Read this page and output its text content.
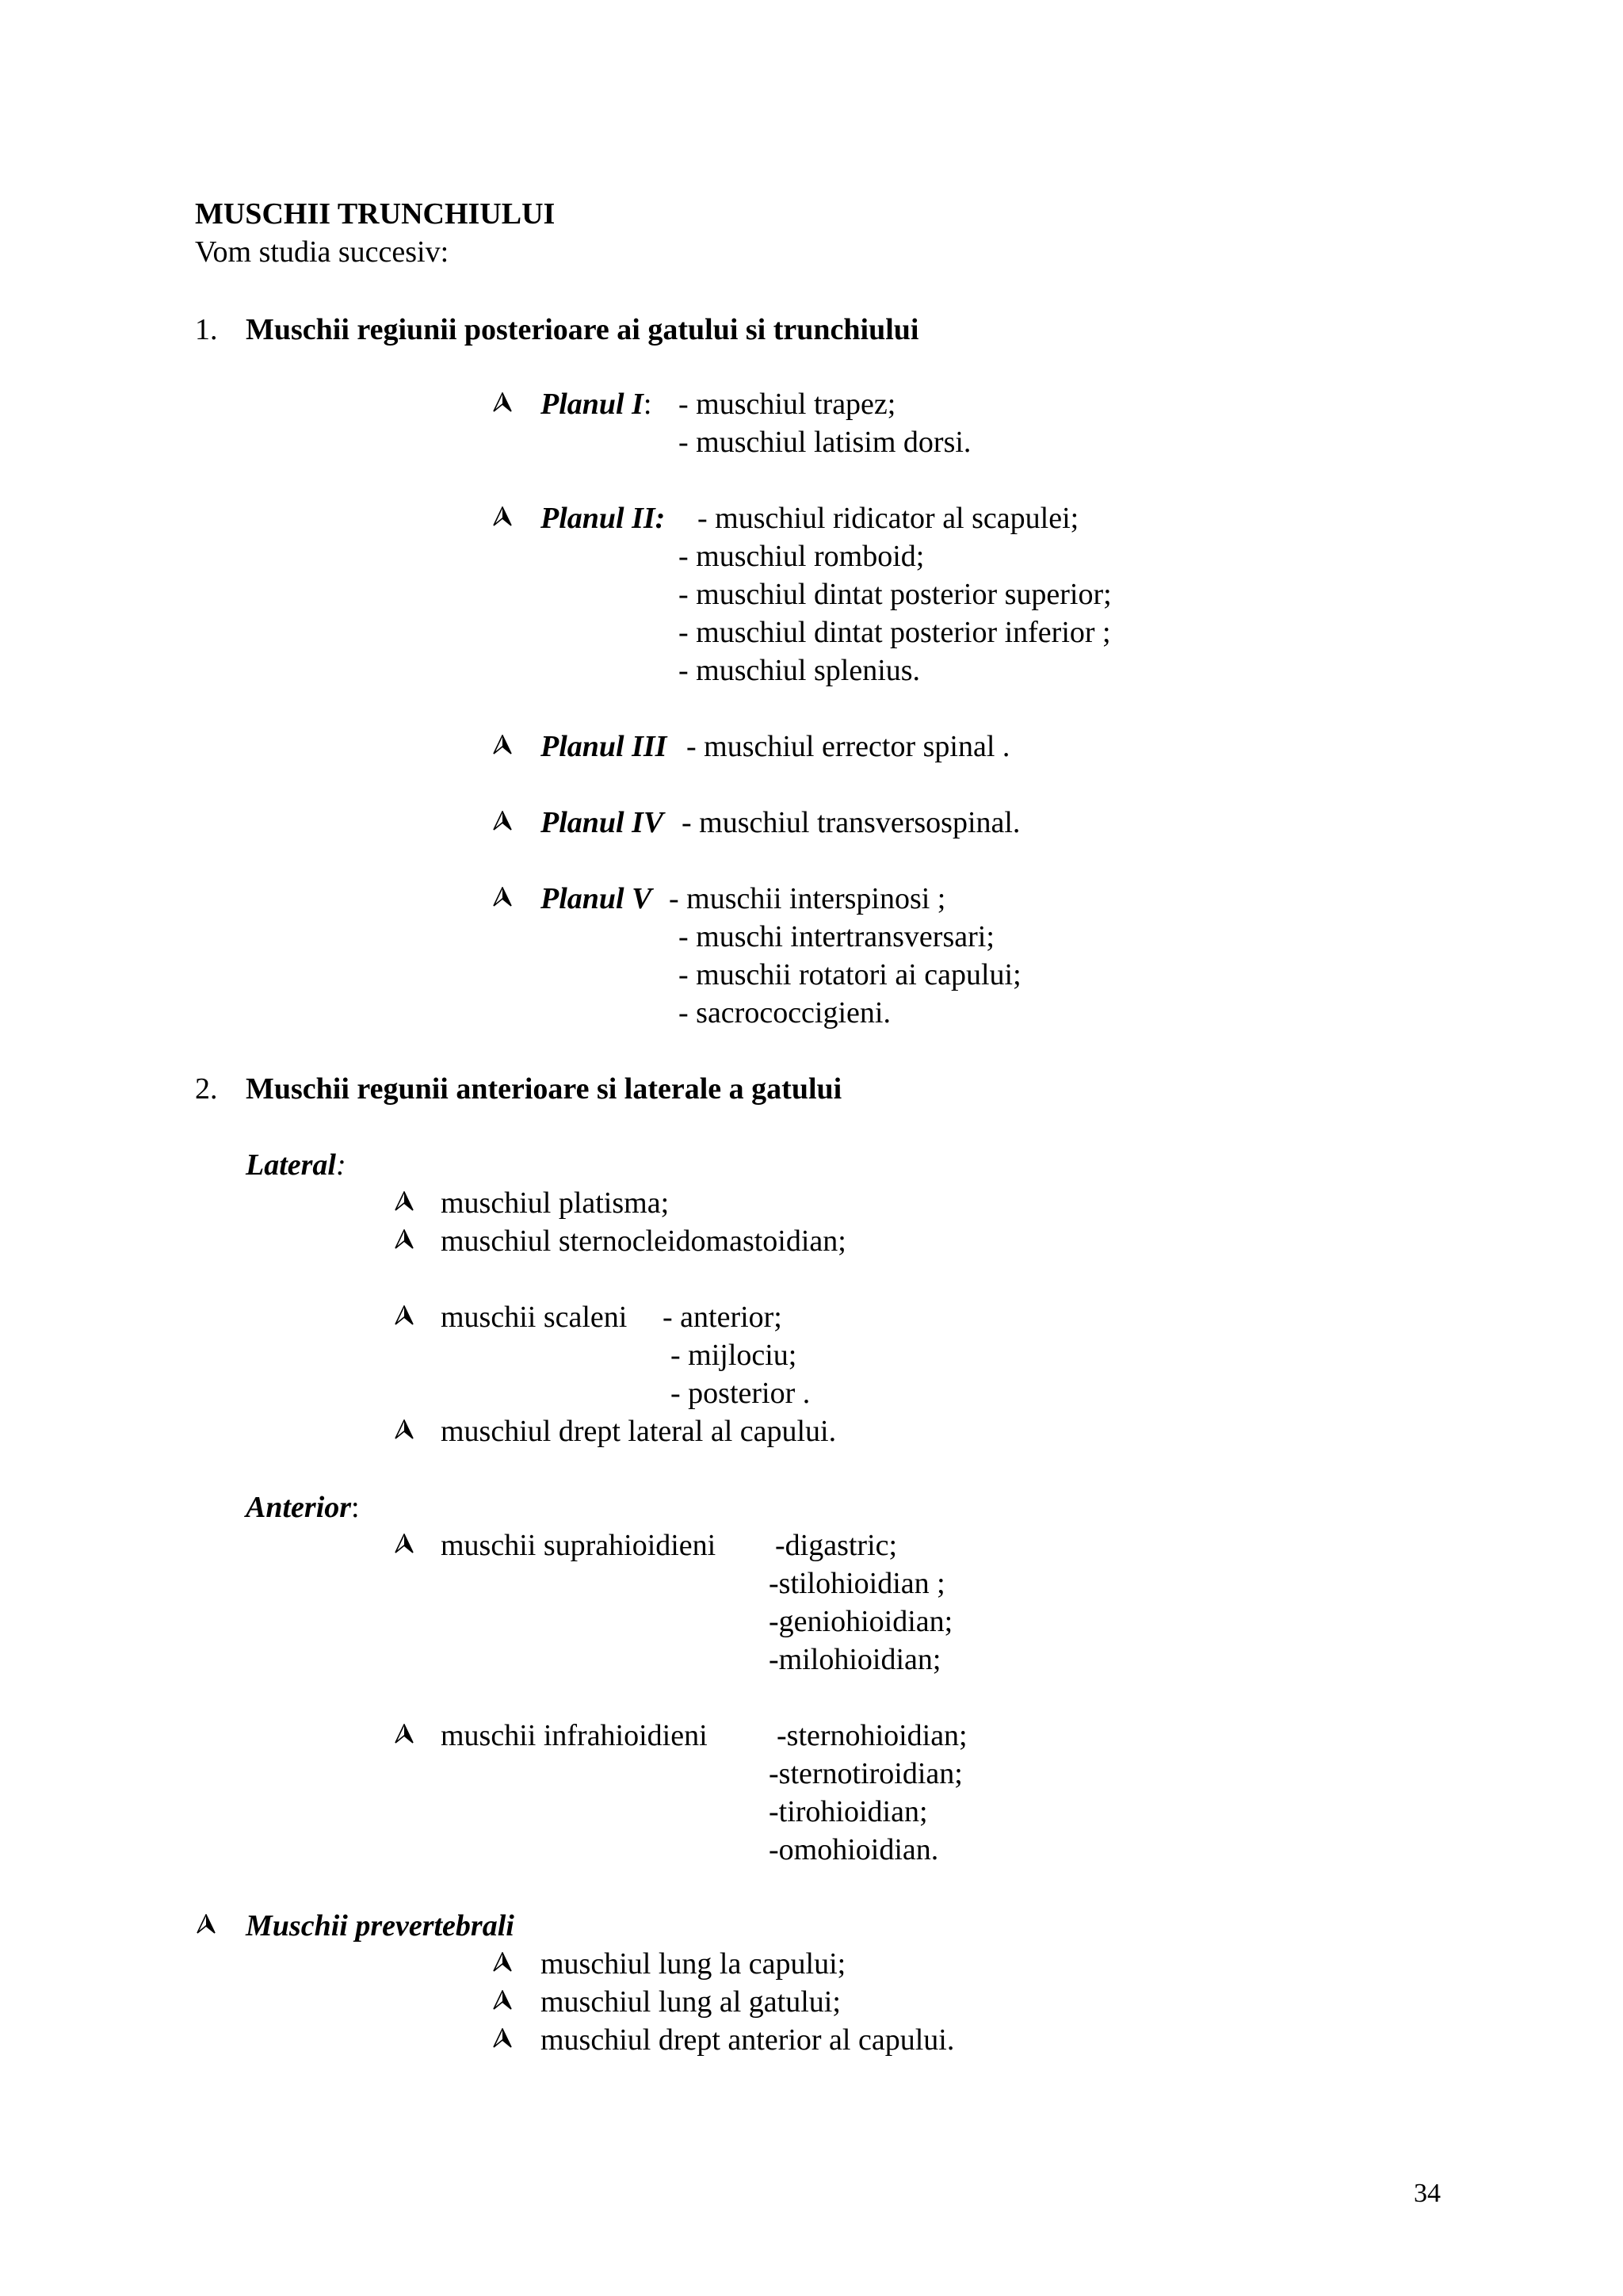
MUSCHII TRUNCHIULUI
Vom studia succesiv:
1. Muschii regiunii posterioare ai gatului si trunchiului
Planul I: - muschiul trapez;
- muschiul latisim dorsi.
Planul II: - muschiul ridicator al scapulei;
- muschiul romboid;
- muschiul dintat posterior superior;
- muschiul dintat posterior inferior ;
- muschiul splenius.
Planul III - muschiul errector spinal .
Planul IV - muschiul transversospinal.
Planul V - muschii interspinosi ;
- muschi intertransversari;
- muschii rotatori ai capului;
- sacrococcigieni.
2. Muschii regunii anterioare si laterale a gatului
Lateral:
muschiul platisma;
muschiul sternocleidomastoidian;
muschii scaleni - anterior;
- mijlociu;
- posterior .
muschiul drept lateral al capului.
Anterior:
muschii suprahioidieni -digastric;
-stilohioidian ;
-geniohioidian;
-milohioidian;
muschii infrahioidieni -sternohioidian;
-sternotiroidian;
-tirohioidian;
-omohioidian.
Muschii prevertebrali
muschiul lung la capului;
muschiul lung al gatului;
muschiul drept anterior al capului.
34
